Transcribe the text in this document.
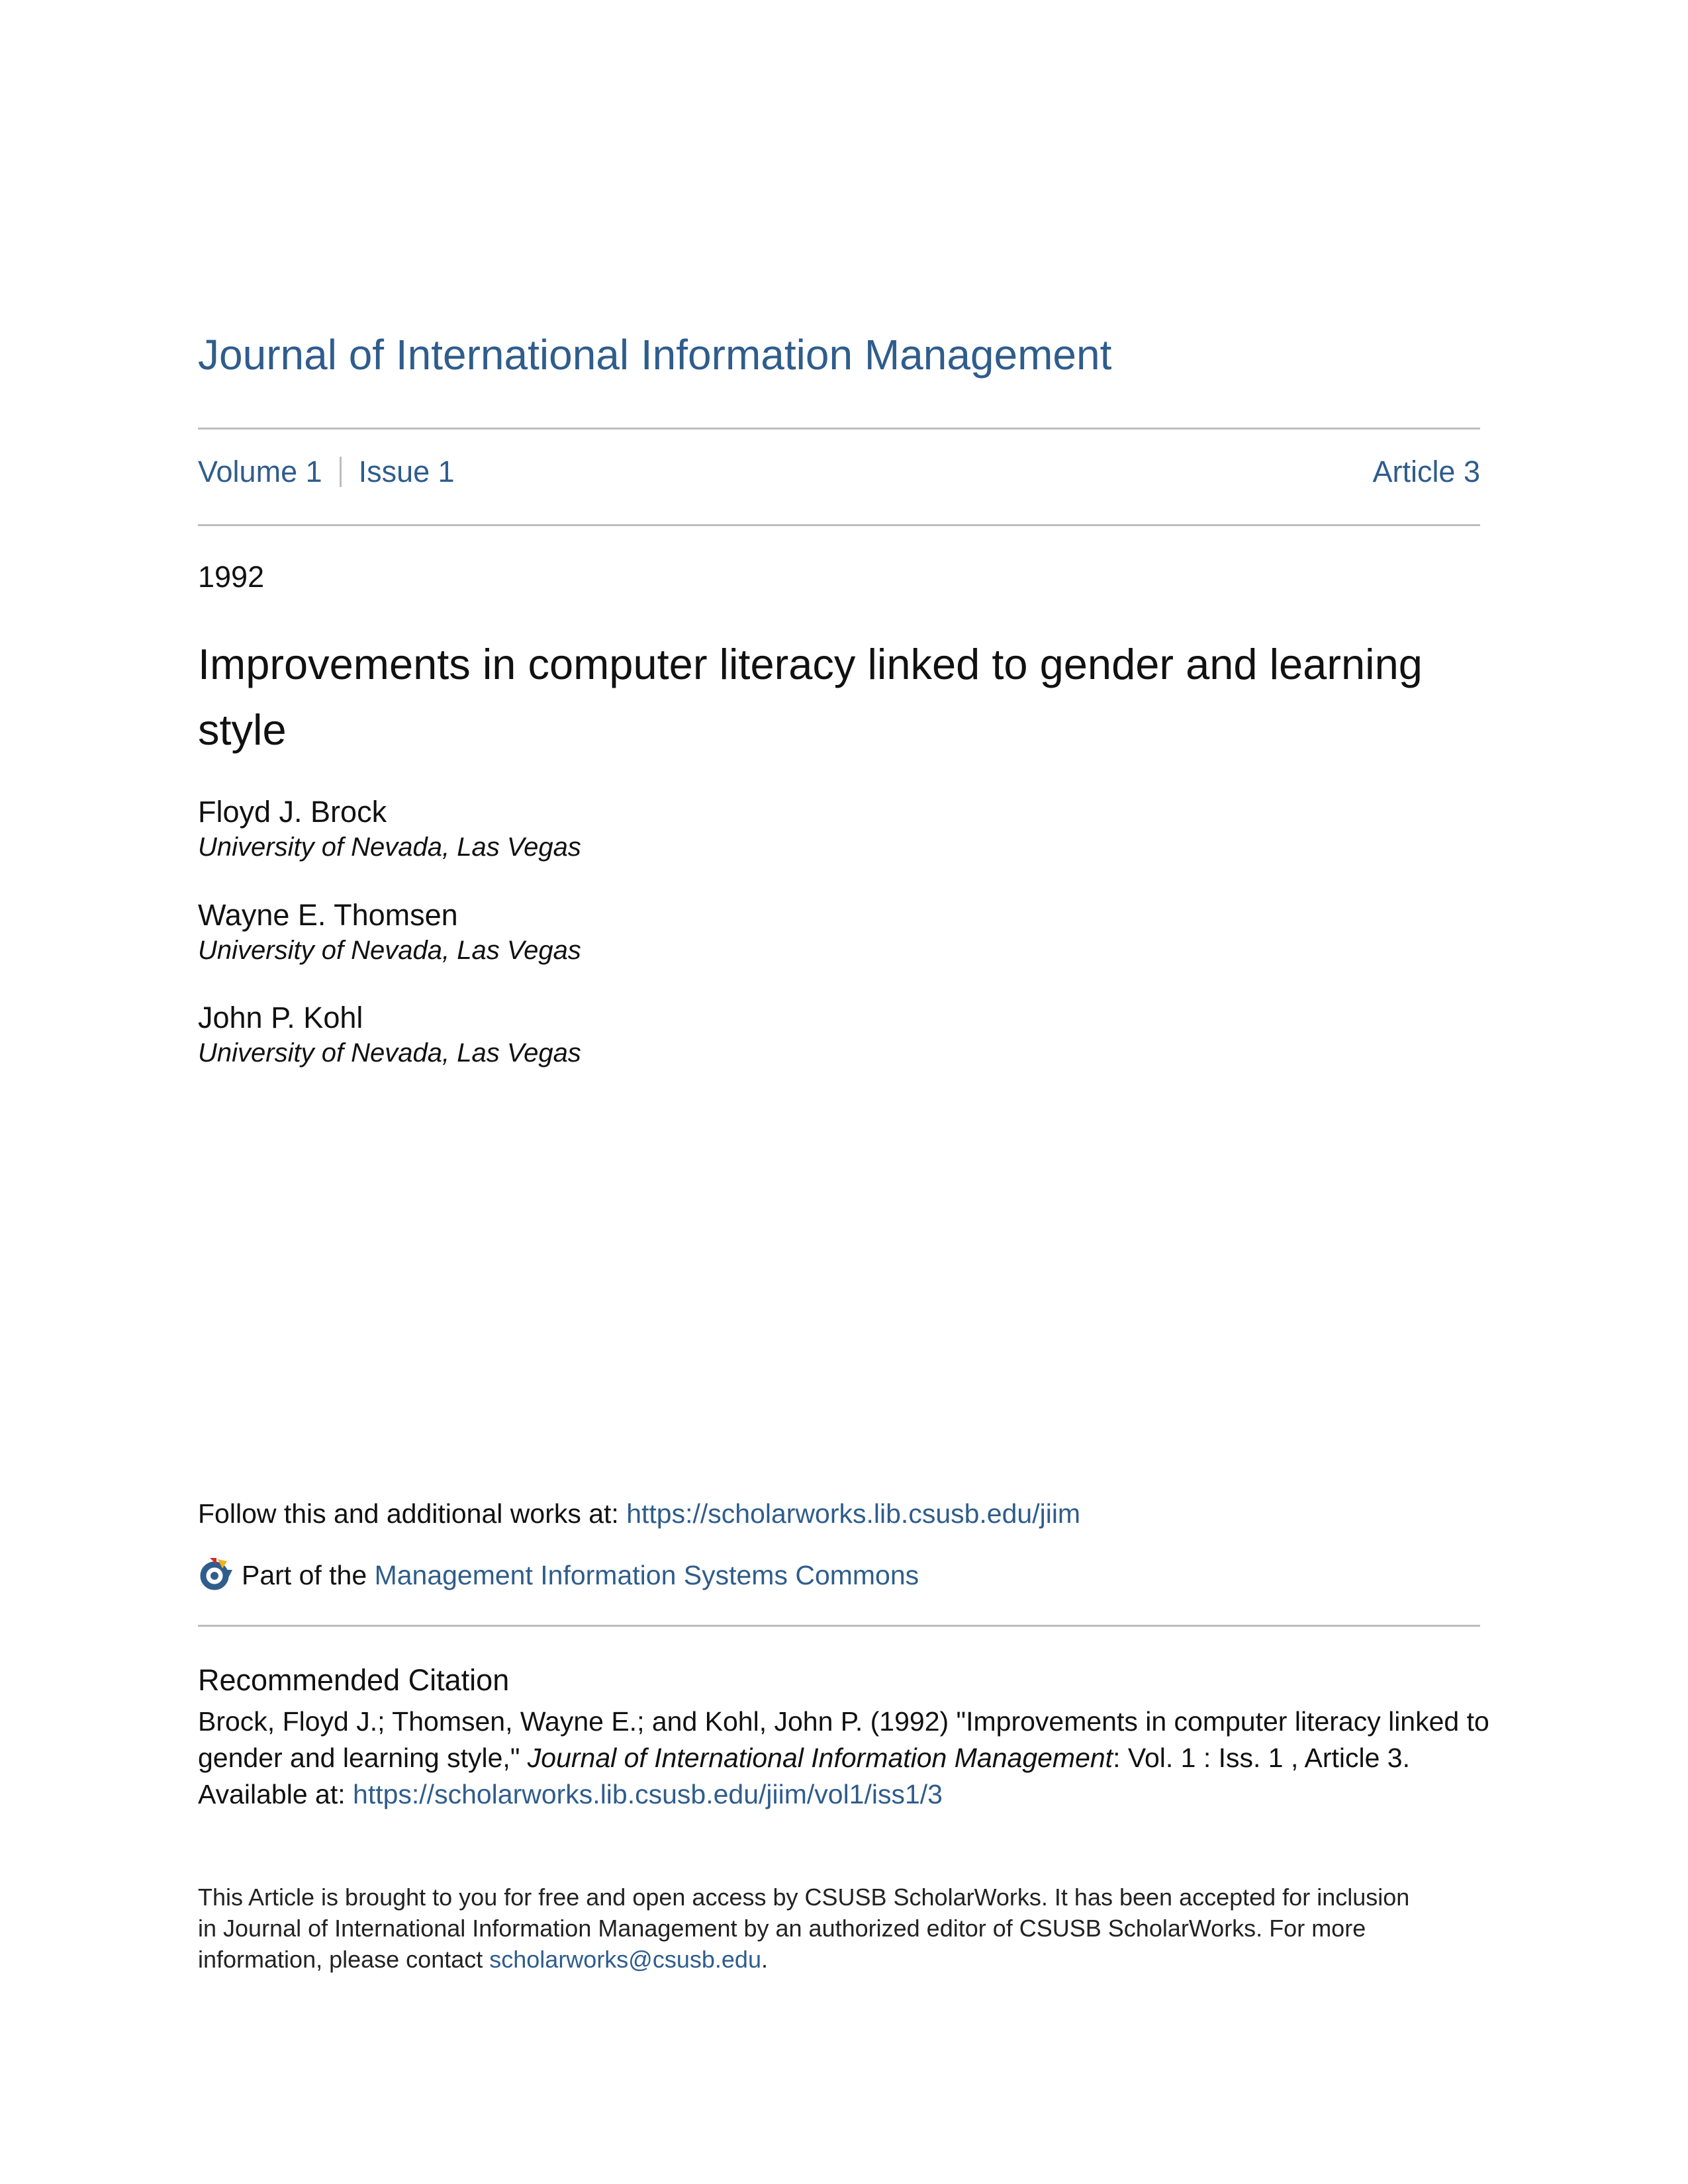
Journal of International Information Management
Volume 1 Issue 1	Article 3
1992
Improvements in computer literacy linked to gender and learning style
Floyd J. Brock
University of Nevada, Las Vegas
Wayne E. Thomsen
University of Nevada, Las Vegas
John P. Kohl
University of Nevada, Las Vegas
Follow this and additional works at: https://scholarworks.lib.csusb.edu/jiim
Part of the Management Information Systems Commons
Recommended Citation
Brock, Floyd J.; Thomsen, Wayne E.; and Kohl, John P. (1992) "Improvements in computer literacy linked to
gender and learning style," Journal of International Information Management: Vol. 1 : Iss. 1 , Article 3.
Available at: https://scholarworks.lib.csusb.edu/jiim/vol1/iss1/3
This Article is brought to you for free and open access by CSUSB ScholarWorks. It has been accepted for inclusion
in Journal of International Information Management by an authorized editor of CSUSB ScholarWorks. For more
information, please contact scholarworks@csusb.edu.
